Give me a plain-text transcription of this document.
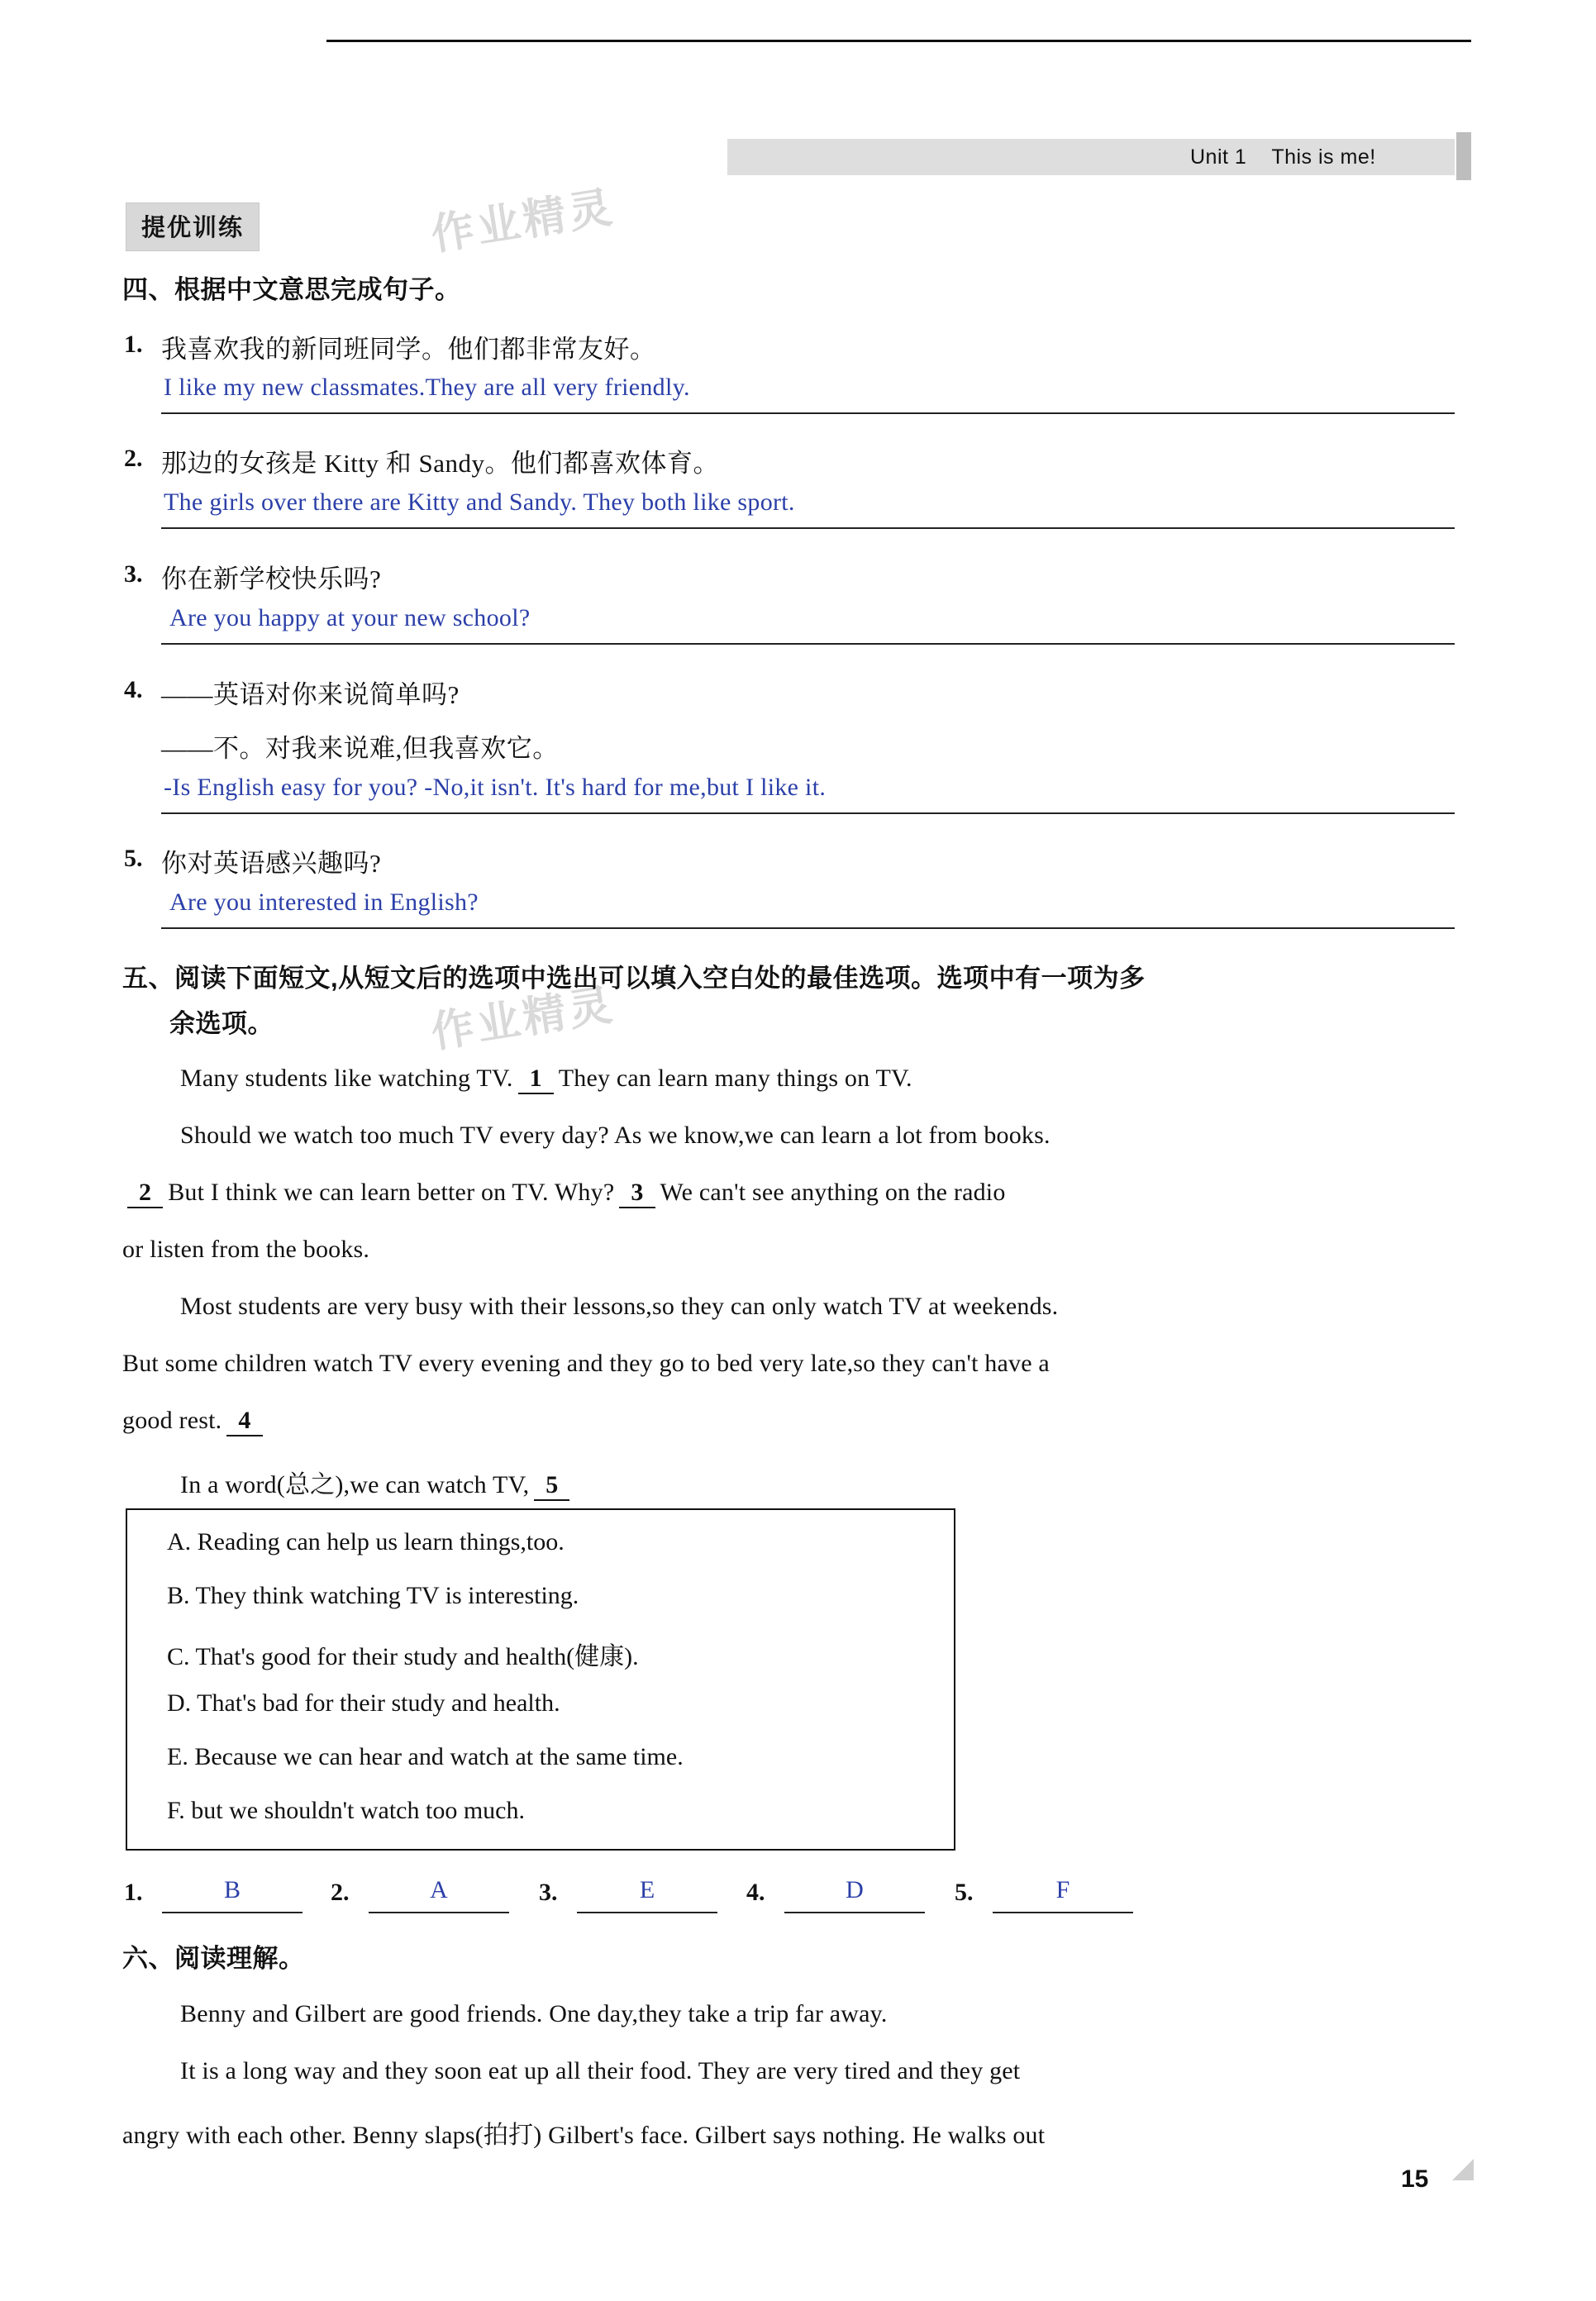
Unit 1 This is me!
作业精灵
作业精灵
提优训练
四、根据中文意思完成句子。
1. 我喜欢我的新同班同学。他们都非常友好。
I like my new classmates.They are all very friendly.
2. 那边的女孩是 Kitty 和 Sandy。他们都喜欢体育。
The girls over there are Kitty and Sandy. They both like sport.
3. 你在新学校快乐吗?
Are you happy at your new school?
4. ——英语对你来说简单吗?
——不。对我来说难,但我喜欢它。
-Is English easy for you? -No,it isn't. It's hard for me,but I like it.
5. 你对英语感兴趣吗?
Are you interested in English?
五、阅读下面短文,从短文后的选项中选出可以填入空白处的最佳选项。选项中有一项为多
余选项。
Many students like watching TV. 1 They can learn many things on TV.
Should we watch too much TV every day? As we know,we can learn a lot from books.
2 But I think we can learn better on TV. Why? 3 We can't see anything on the radio
or listen from the books.
Most students are very busy with their lessons,so they can only watch TV at weekends.
But some children watch TV every evening and they go to bed very late,so they can't have a
good rest. 4
In a word(总之),we can watch TV, 5
A. Reading can help us learn things,too.
B. They think watching TV is interesting.
C. That's good for their study and health(健康).
D. That's bad for their study and health.
E. Because we can hear and watch at the same time.
F. but we shouldn't watch too much.
1.	B	2.	A	3.	E	4.	D	5.	F
六、阅读理解。
Benny and Gilbert are good friends. One day,they take a trip far away.
It is a long way and they soon eat up all their food. They are very tired and they get
angry with each other. Benny slaps(拍打) Gilbert's face. Gilbert says nothing. He walks out
15
